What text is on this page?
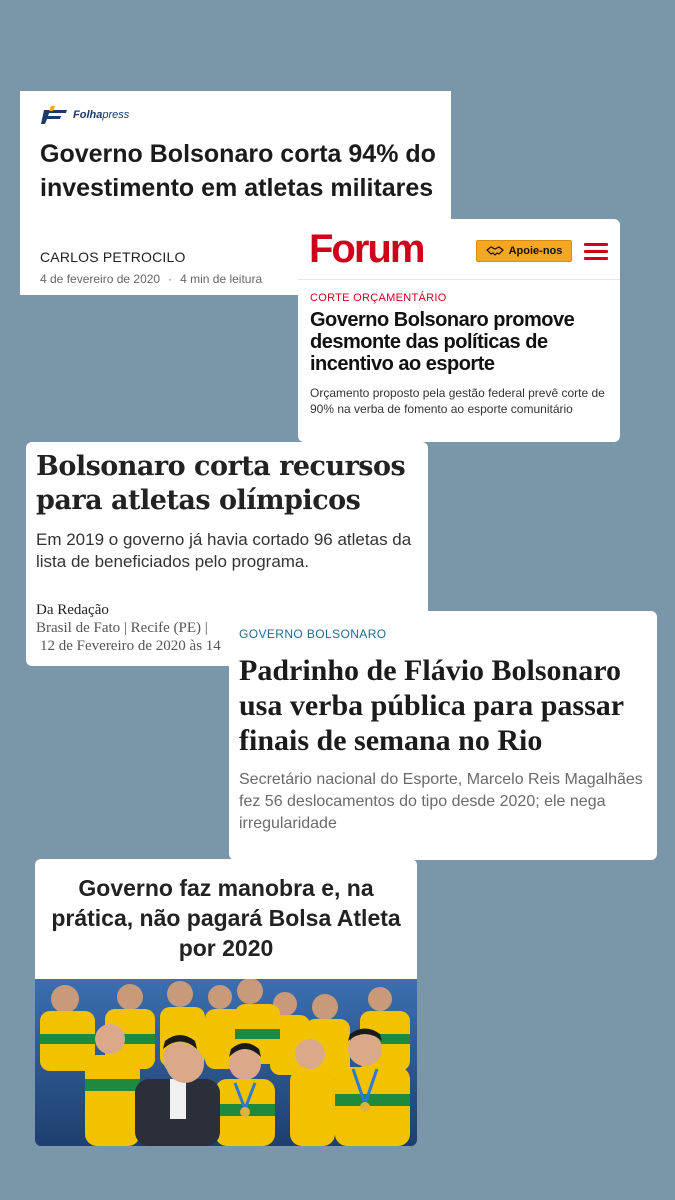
Folhapress
Governo Bolsonaro corta 94% do investimento em atletas militares
CARLOS PETROCILO
4 de fevereiro de 2020 · 4 min de leitura
Forum	Apoie-nos
CORTE ORÇAMENTÁRIO
Governo Bolsonaro promove desmonte das políticas de incentivo ao esporte
Orçamento proposto pela gestão federal prevê corte de 90% na verba de fomento ao esporte comunitário
Bolsonaro corta recursos para atletas olímpicos
Em 2019 o governo já havia cortado 96 atletas da lista de beneficiados pelo programa.
Da Redação
Brasil de Fato | Recife (PE) |
12 de Fevereiro de 2020 às 14
GOVERNO BOLSONARO
Padrinho de Flávio Bolsonaro usa verba pública para passar finais de semana no Rio
Secretário nacional do Esporte, Marcelo Reis Magalhães fez 56 deslocamentos do tipo desde 2020; ele nega irregularidade
Governo faz manobra e, na prática, não pagará Bolsa Atleta por 2020
